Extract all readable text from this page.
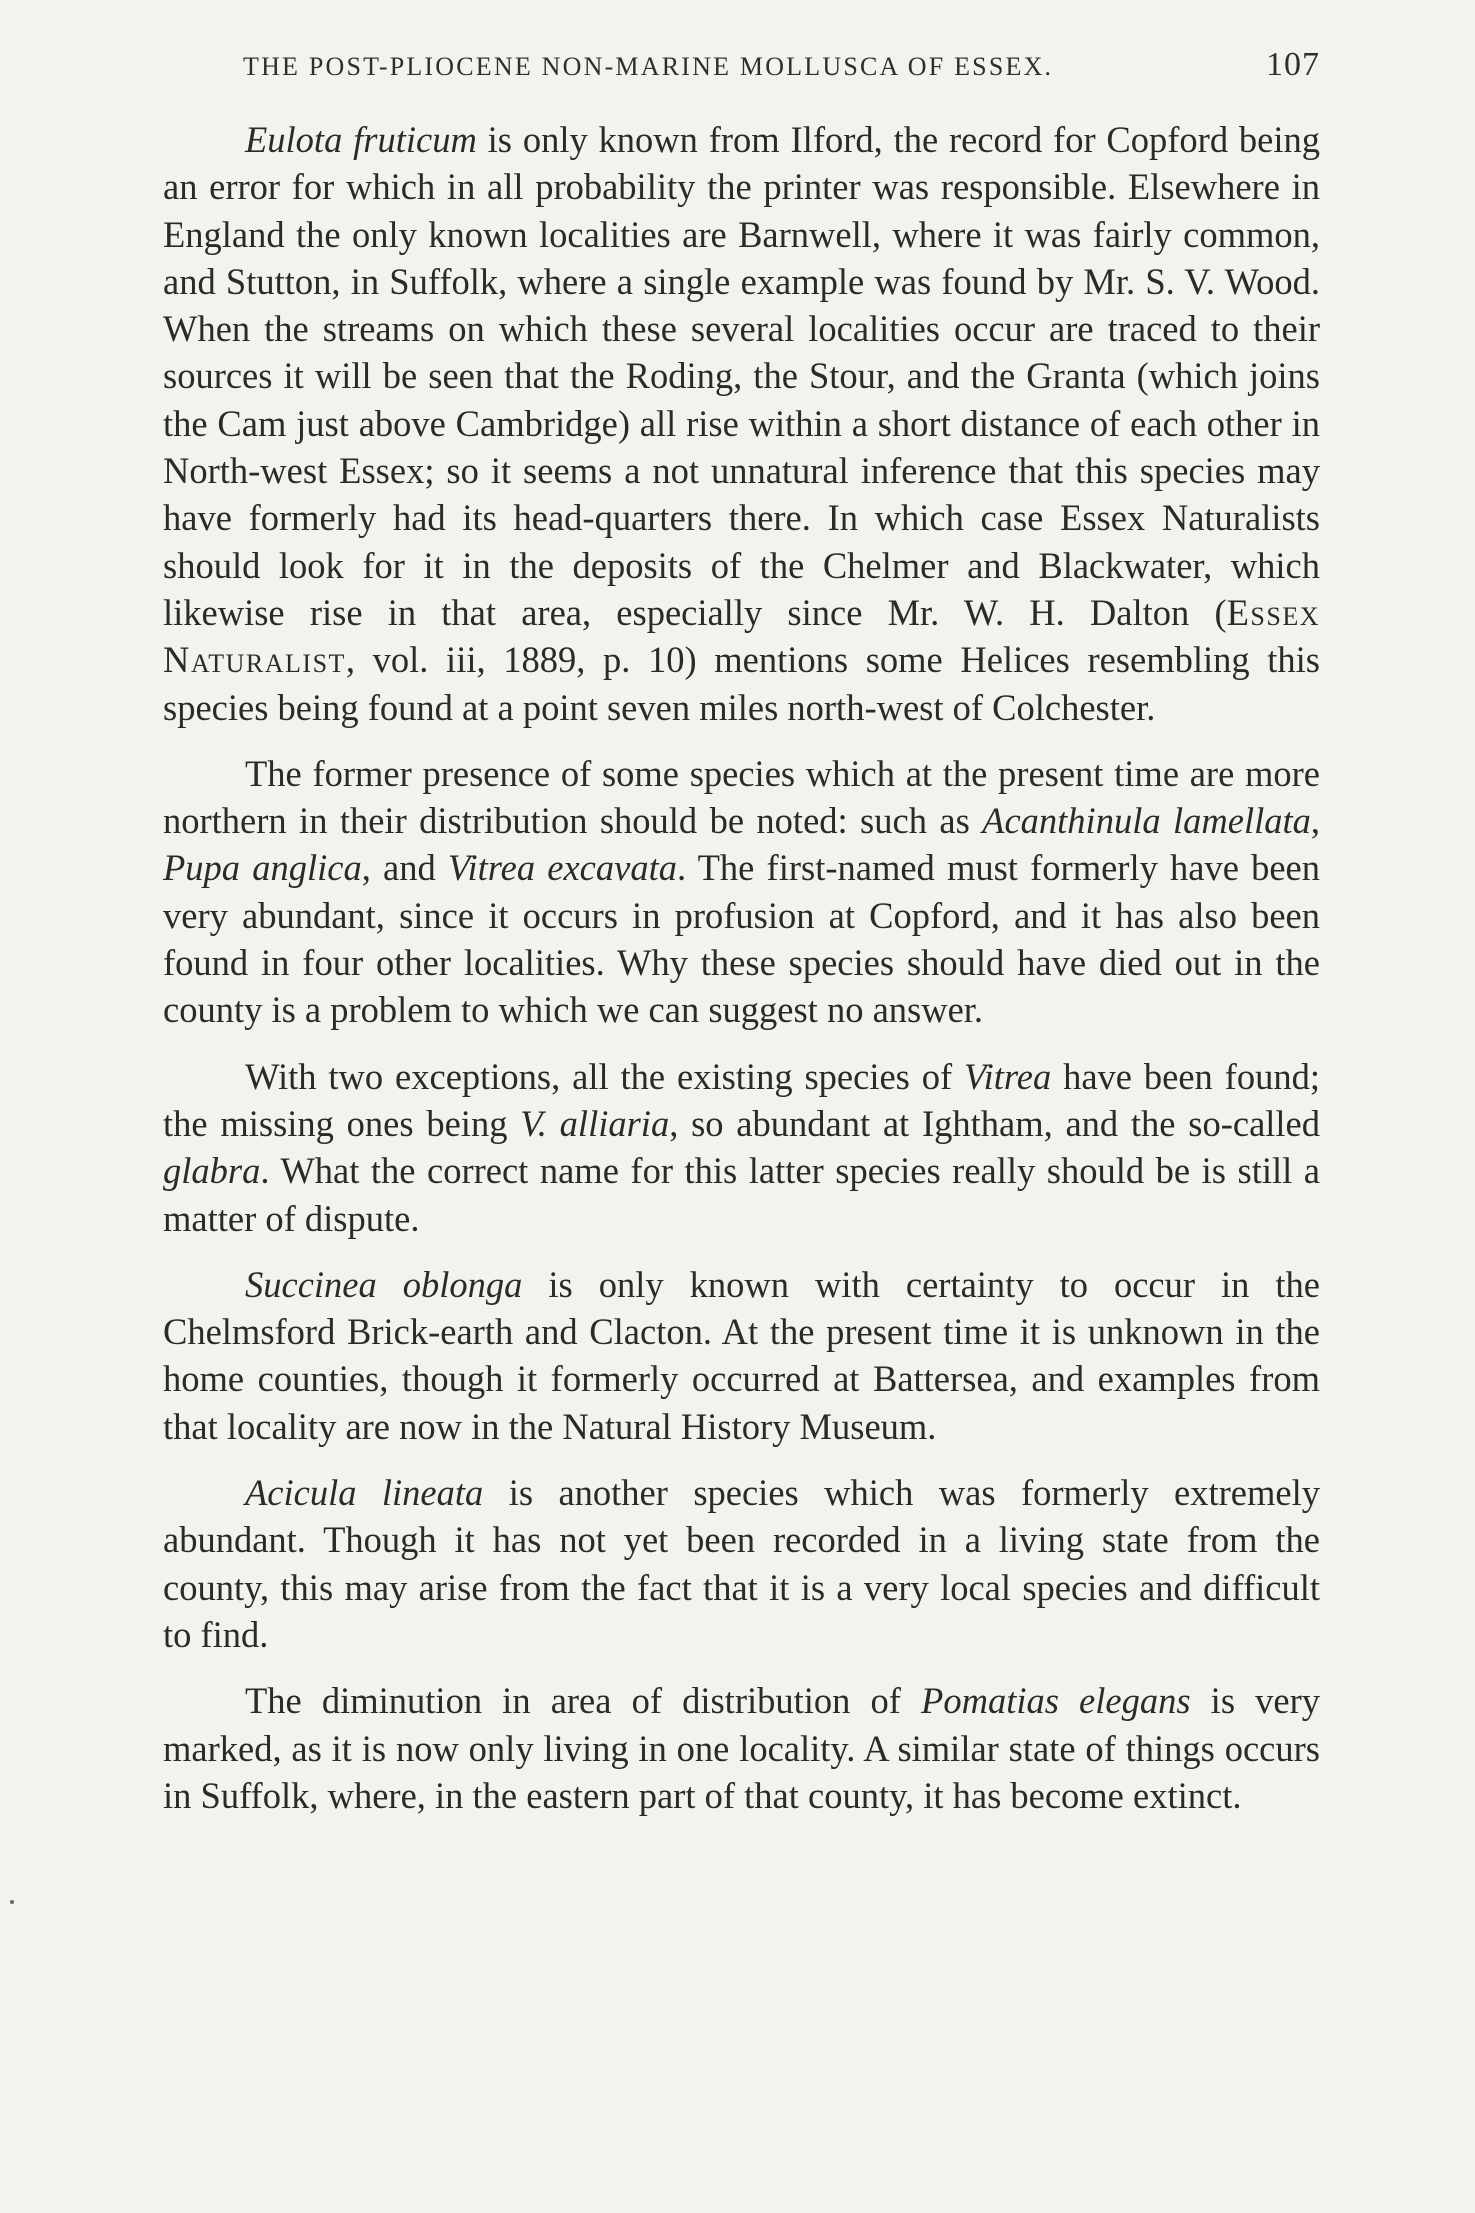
THE POST-PLIOCENE NON-MARINE MOLLUSCA OF ESSEX.	107

Eulota fruticum is only known from Ilford, the record for Copford being an error for which in all probability the printer was responsible. Elsewhere in England the only known localities are Barnwell, where it was fairly common, and Stutton, in Suffolk, where a single example was found by Mr. S. V. Wood. When the streams on which these several localities occur are traced to their sources it will be seen that the Roding, the Stour, and the Granta (which joins the Cam just above Cambridge) all rise within a short distance of each other in North-west Essex; so it seems a not unnatural inference that this species may have formerly had its head-quarters there. In which case Essex Naturalists should look for it in the deposits of the Chelmer and Blackwater, which likewise rise in that area, especially since Mr. W. H. Dalton (Essex Naturalist, vol. iii, 1889, p. 10) mentions some Helices resembling this species being found at a point seven miles north-west of Colchester.

The former presence of some species which at the present time are more northern in their distribution should be noted: such as Acanthinula lamellata, Pupa anglica, and Vitrea excavata. The first-named must formerly have been very abundant, since it occurs in profusion at Copford, and it has also been found in four other localities. Why these species should have died out in the county is a problem to which we can suggest no answer.

With two exceptions, all the existing species of Vitrea have been found; the missing ones being V. alliaria, so abundant at Ightham, and the so-called glabra. What the correct name for this latter species really should be is still a matter of dispute.

Succinea oblonga is only known with certainty to occur in the Chelmsford Brick-earth and Clacton. At the present time it is unknown in the home counties, though it formerly occurred at Battersea, and examples from that locality are now in the Natural History Museum.

Acicula lineata is another species which was formerly extremely abundant. Though it has not yet been recorded in a living state from the county, this may arise from the fact that it is a very local species and difficult to find.

The diminution in area of distribution of Pomatias elegans is very marked, as it is now only living in one locality. A similar state of things occurs in Suffolk, where, in the eastern part of that county, it has become extinct.
